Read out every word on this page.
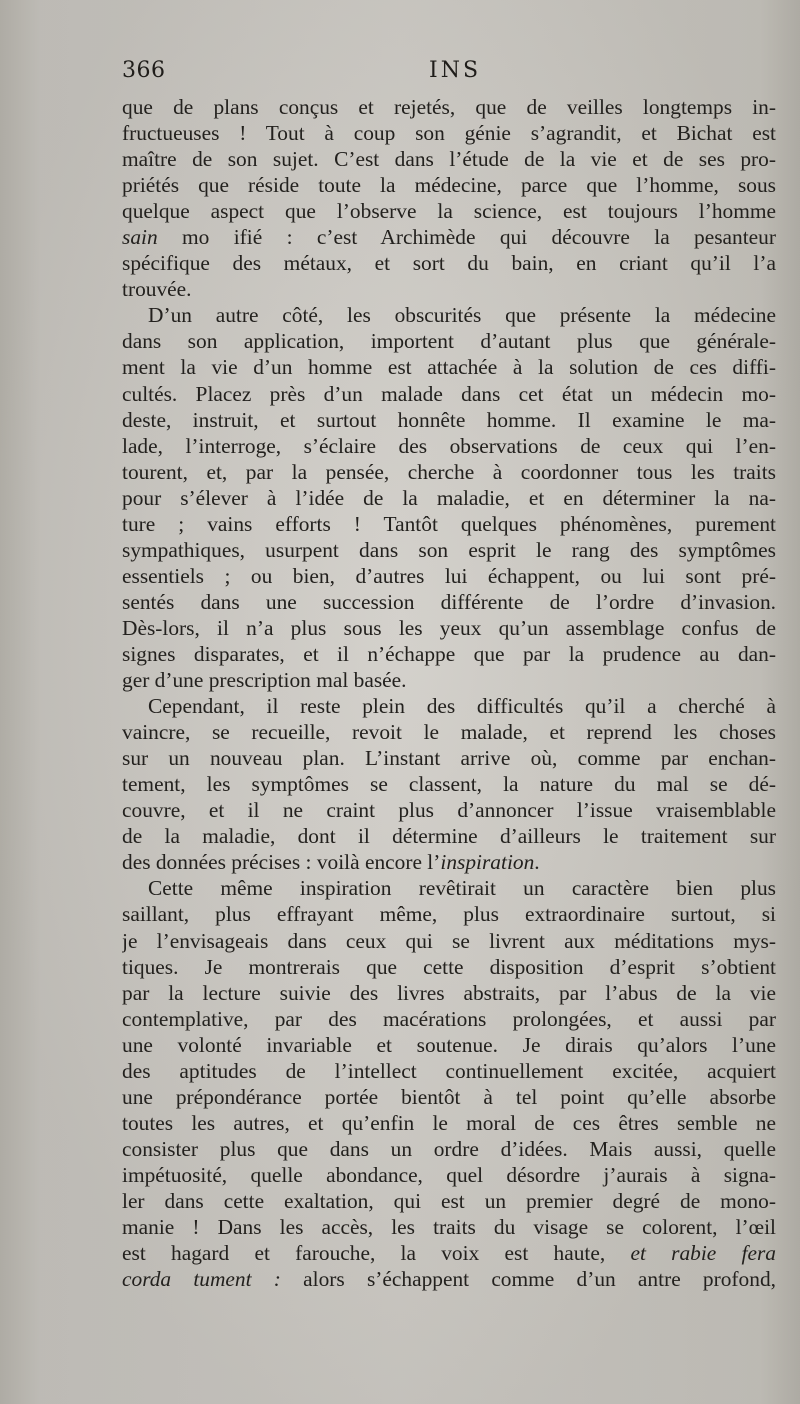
366	INS
que de plans conçus et rejetés, que de veilles longtemps in-
fructueuses ! Tout à coup son génie s’agrandit, et Bichat est
maître de son sujet. C’est dans l’étude de la vie et de ses pro-
priétés que réside toute la médecine, parce que l’homme, sous
quelque aspect que l’observe la science, est toujours l’homme
sain mo ifié : c’est Archimède qui découvre la pesanteur
spécifique des métaux, et sort du bain, en criant qu’il l’a
trouvée.
D’un autre côté, les obscurités que présente la médecine
dans son application, importent d’autant plus que générale-
ment la vie d’un homme est attachée à la solution de ces diffi-
cultés. Placez près d’un malade dans cet état un médecin mo-
deste, instruit, et surtout honnête homme. Il examine le ma-
lade, l’interroge, s’éclaire des observations de ceux qui l’en-
tourent, et, par la pensée, cherche à coordonner tous les traits
pour s’élever à l’idée de la maladie, et en déterminer la na-
ture ; vains efforts ! Tantôt quelques phénomènes, purement
sympathiques, usurpent dans son esprit le rang des symptômes
essentiels ; ou bien, d’autres lui échappent, ou lui sont pré-
sentés dans une succession différente de l’ordre d’invasion.
Dès-lors, il n’a plus sous les yeux qu’un assemblage confus de
signes disparates, et il n’échappe que par la prudence au dan-
ger d’une prescription mal basée.
Cependant, il reste plein des difficultés qu’il a cherché à
vaincre, se recueille, revoit le malade, et reprend les choses
sur un nouveau plan. L’instant arrive où, comme par enchan-
tement, les symptômes se classent, la nature du mal se dé-
couvre, et il ne craint plus d’annoncer l’issue vraisemblable
de la maladie, dont il détermine d’ailleurs le traitement sur
des données précises : voilà encore l’inspiration.
Cette même inspiration revêtirait un caractère bien plus
saillant, plus effrayant même, plus extraordinaire surtout, si
je l’envisageais dans ceux qui se livrent aux méditations mys-
tiques. Je montrerais que cette disposition d’esprit s’obtient
par la lecture suivie des livres abstraits, par l’abus de la vie
contemplative, par des macérations prolongées, et aussi par
une volonté invariable et soutenue. Je dirais qu’alors l’une
des aptitudes de l’intellect continuellement excitée, acquiert
une prépondérance portée bientôt à tel point qu’elle absorbe
toutes les autres, et qu’enfin le moral de ces êtres semble ne
consister plus que dans un ordre d’idées. Mais aussi, quelle
impétuosité, quelle abondance, quel désordre j’aurais à signa-
ler dans cette exaltation, qui est un premier degré de mono-
manie ! Dans les accès, les traits du visage se colorent, l’œil
est hagard et farouche, la voix est haute, et rabie fera
corda tument : alors s’échappent comme d’un antre profond,
